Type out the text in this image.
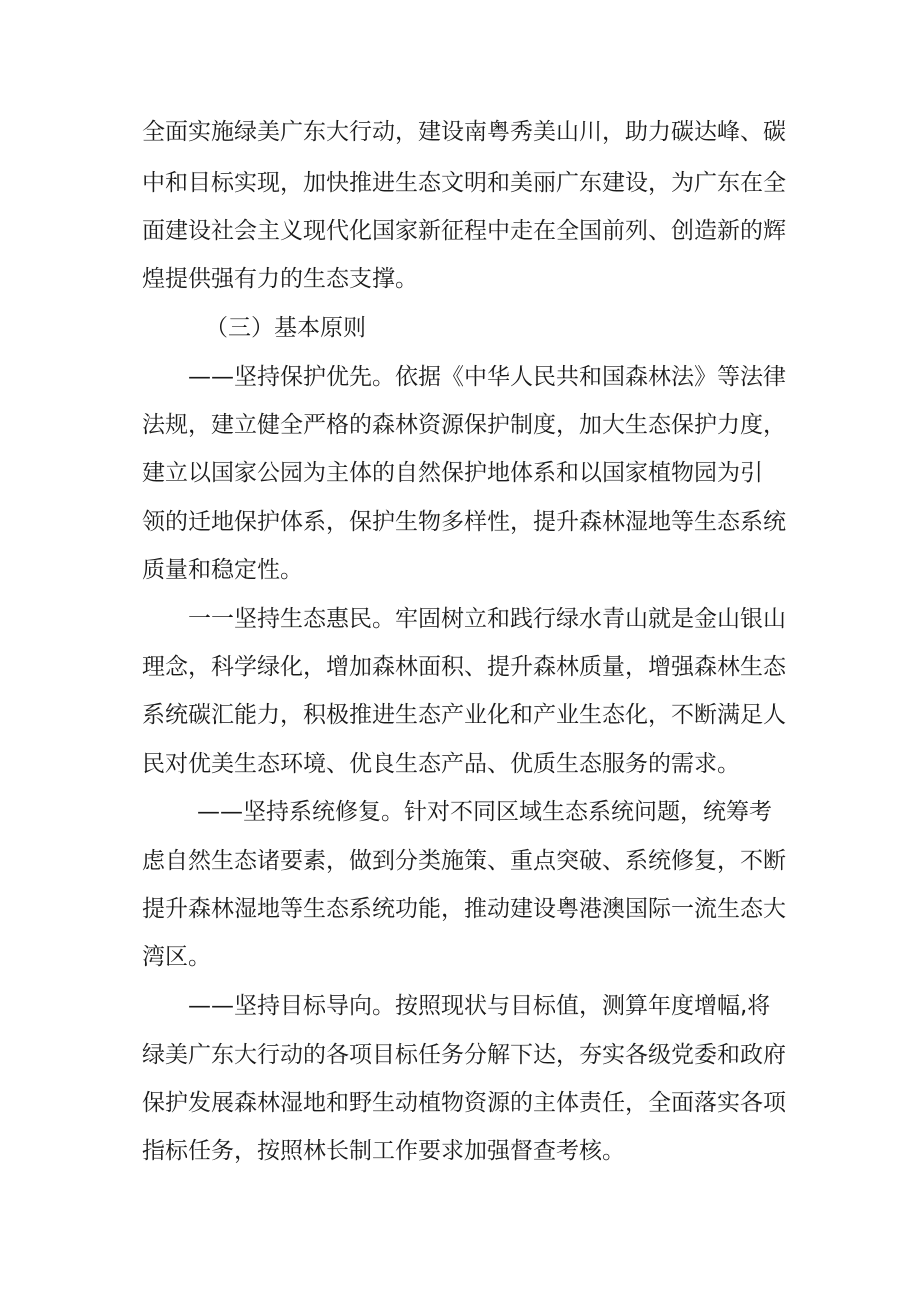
全面实施绿美广东大行动，建设南粤秀美山川，助力碳达峰、碳
中和目标实现，加快推进生态文明和美丽广东建设，为广东在全
面建设社会主义现代化国家新征程中走在全国前列、创造新的辉
煌提供强有力的生态支撑。
（三）基本原则
——坚持保护优先。依据《中华人民共和国森林法》等法律
法规，建立健全严格的森林资源保护制度，加大生态保护力度，
建立以国家公园为主体的自然保护地体系和以国家植物园为引
领的迁地保护体系，保护生物多样性，提升森林湿地等生态系统
质量和稳定性。
一一坚持生态惠民。牢固树立和践行绿水青山就是金山银山
理念，科学绿化，增加森林面积、提升森林质量，增强森林生态
系统碳汇能力，积极推进生态产业化和产业生态化，不断满足人
民对优美生态环境、优良生态产品、优质生态服务的需求。
——坚持系统修复。针对不同区域生态系统问题，统筹考
虑自然生态诸要素，做到分类施策、重点突破、系统修复，不断
提升森林湿地等生态系统功能，推动建设粤港澳国际一流生态大
湾区。
——坚持目标导向。按照现状与目标值，测算年度增幅,将
绿美广东大行动的各项目标任务分解下达，夯实各级党委和政府
保护发展森林湿地和野生动植物资源的主体责任，全面落实各项
指标任务，按照林长制工作要求加强督查考核。
